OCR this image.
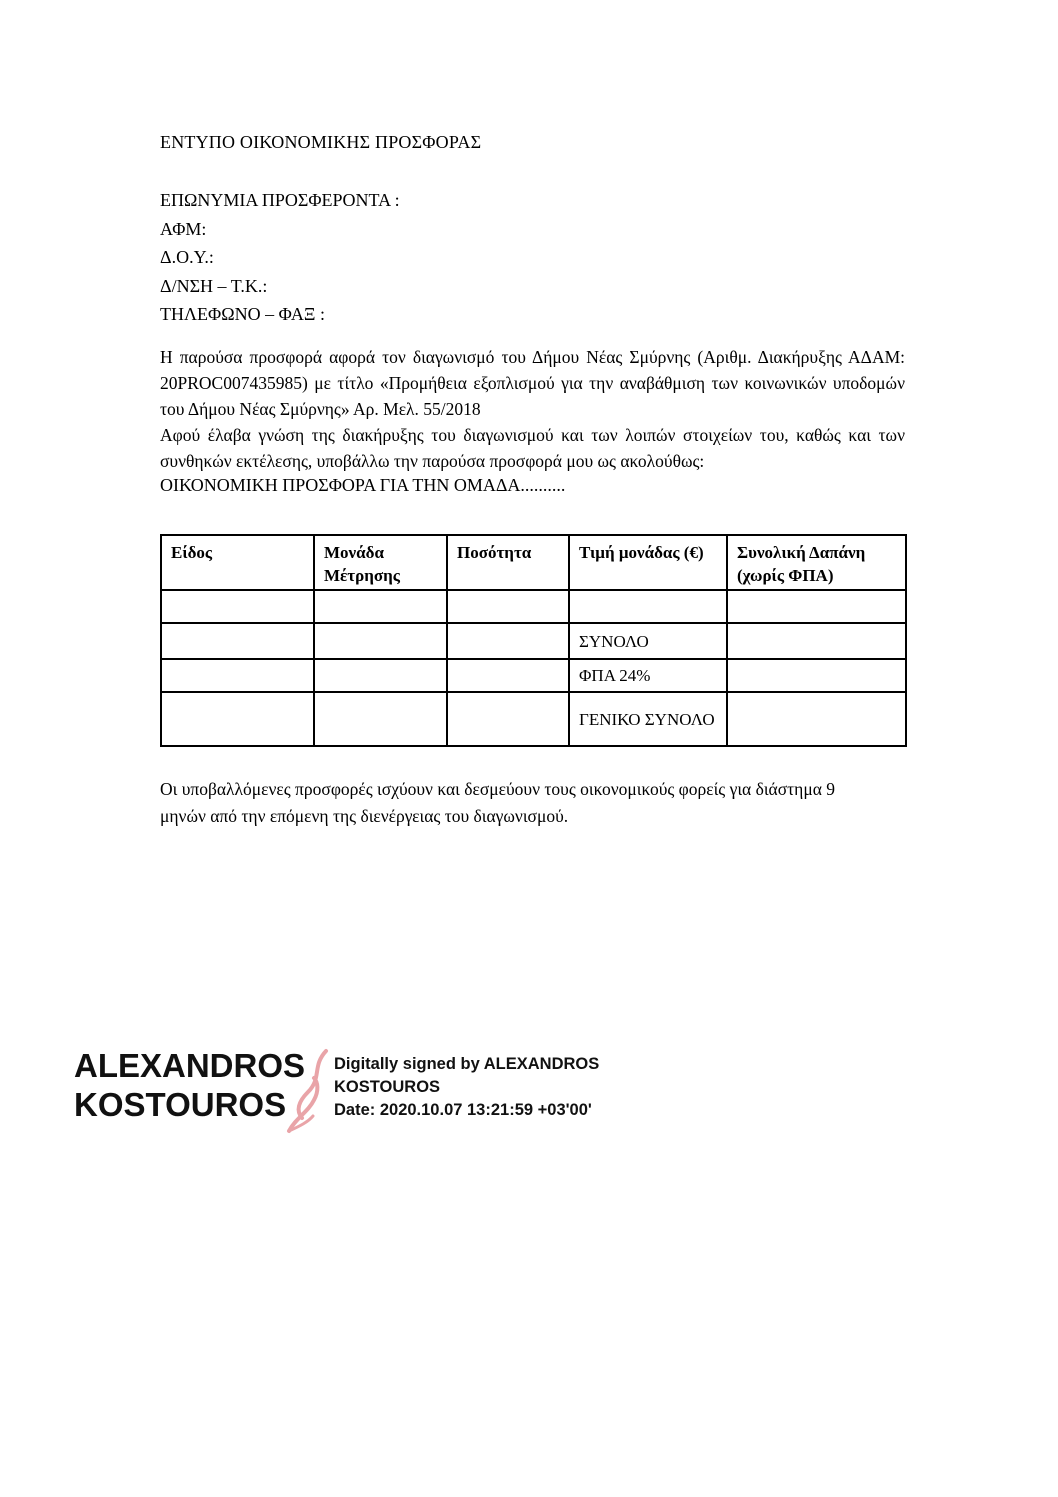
ΕΝΤΥΠΟ ΟΙΚΟΝΟΜΙΚΗΣ ΠΡΟΣΦΟΡΑΣ

ΕΠΩΝΥΜΙΑ ΠΡΟΣΦΕΡΟΝΤΑ :

ΑΦΜ:

Δ.Ο.Υ.:

Δ/ΝΣΗ – Τ.Κ.:

ΤΗΛΕΦΩΝΟ – ΦΑΞ :

Η παρούσα προσφορά αφορά τον διαγωνισμό του Δήμου Νέας Σμύρνης (Αριθμ. Διακήρυξης ΑΔΑΜ: 20PROC007435985) με τίτλο «Προμήθεια εξοπλισμού για την αναβάθμιση των κοινωνικών υποδομών του Δήμου Νέας Σμύρνης» Αρ. Μελ. 55/2018

Αφού έλαβα γνώση της διακήρυξης του διαγωνισμού και των λοιπών στοιχείων του, καθώς και των συνθηκών εκτέλεσης, υποβάλλω την παρούσα προσφορά μου ως ακολούθως:

ΟΙΚΟΝΟΜΙΚΗ ΠΡΟΣΦΟΡΑ ΓΙΑ ΤΗΝ ΟΜΑΔΑ..........

Είδος	Μονάδα Μέτρησης	Ποσότητα	Τιμή μονάδας (€)	Συνολική Δαπάνη (χωρίς ΦΠΑ)

			ΣΥΝΟΛΟ	
			ΦΠΑ 24%	
			ΓΕΝΙΚΟ ΣΥΝΟΛΟ	

Οι υποβαλλόμενες προσφορές ισχύουν και δεσμεύουν τους οικονομικούς φορείς για διάστημα 9 μηνών από την επόμενη της διενέργειας του διαγωνισμού.

ALEXANDROS
KOSTOUROS

Digitally signed by ALEXANDROS

KOSTOUROS

Date: 2020.10.07 13:21:59 +03'00'
